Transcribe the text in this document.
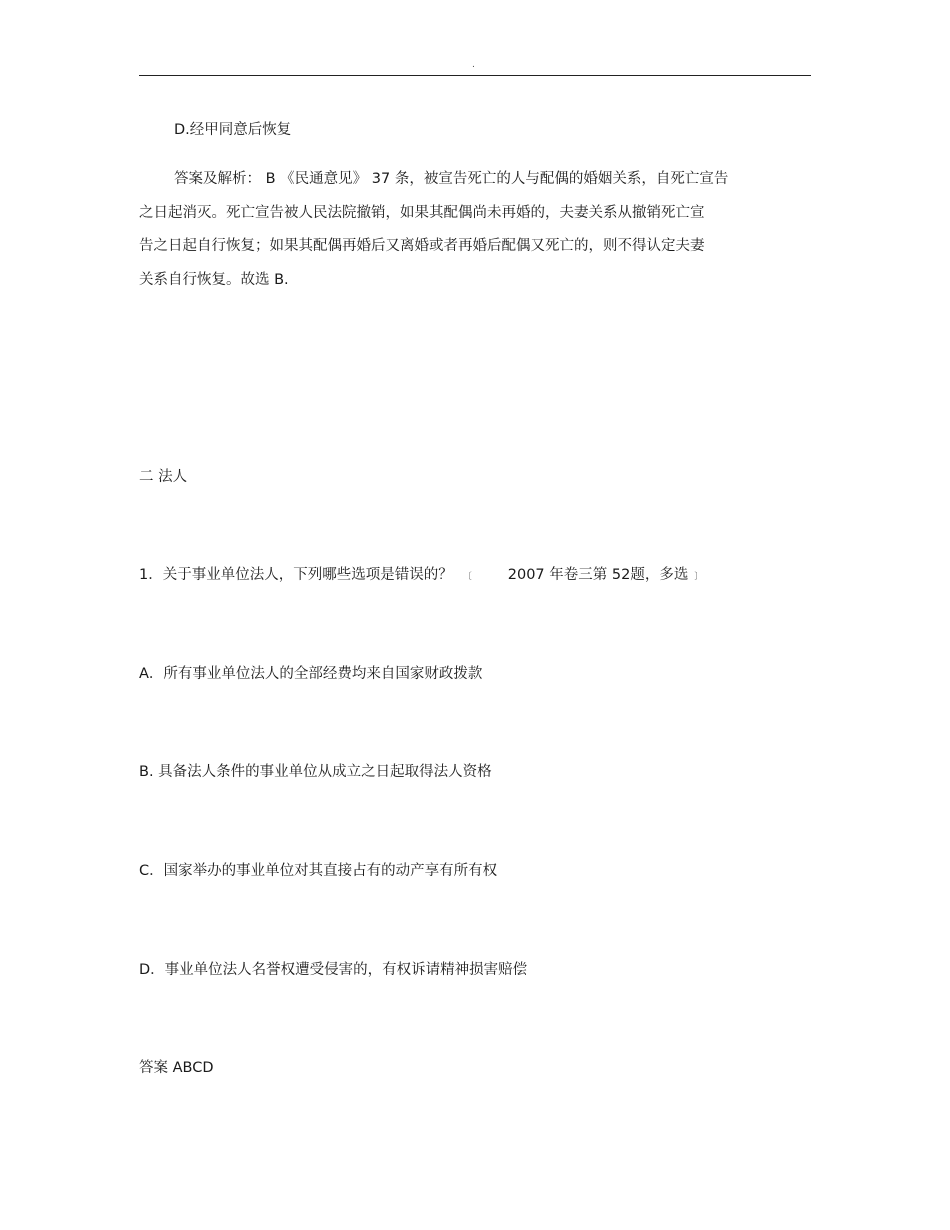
.
D.经甲同意后恢复
答案及解析： B 《民通意见》 37 条，被宣告死亡的人与配偶的婚姻关系，自死亡宣告
之日起消灭。死亡宣告被人民法院撤销，如果其配偶尚未再婚的，夫妻关系从撤销死亡宣
告之日起自行恢复；如果其配偶再婚后又离婚或者再婚后配偶又死亡的，则不得认定夫妻
关系自行恢复。故选 B.
二 法人
1．关于事业单位法人，下列哪些选项是错误的？ 〔 2007 年卷三第 52题，多选 〕
A．所有事业单位法人的全部经费均来自国家财政拨款
B. 具备法人条件的事业单位从成立之日起取得法人资格
C．国家举办的事业单位对其直接占有的动产享有所有权
D．事业单位法人名誉权遭受侵害的，有权诉请精神损害赔偿
答案 ABCD
